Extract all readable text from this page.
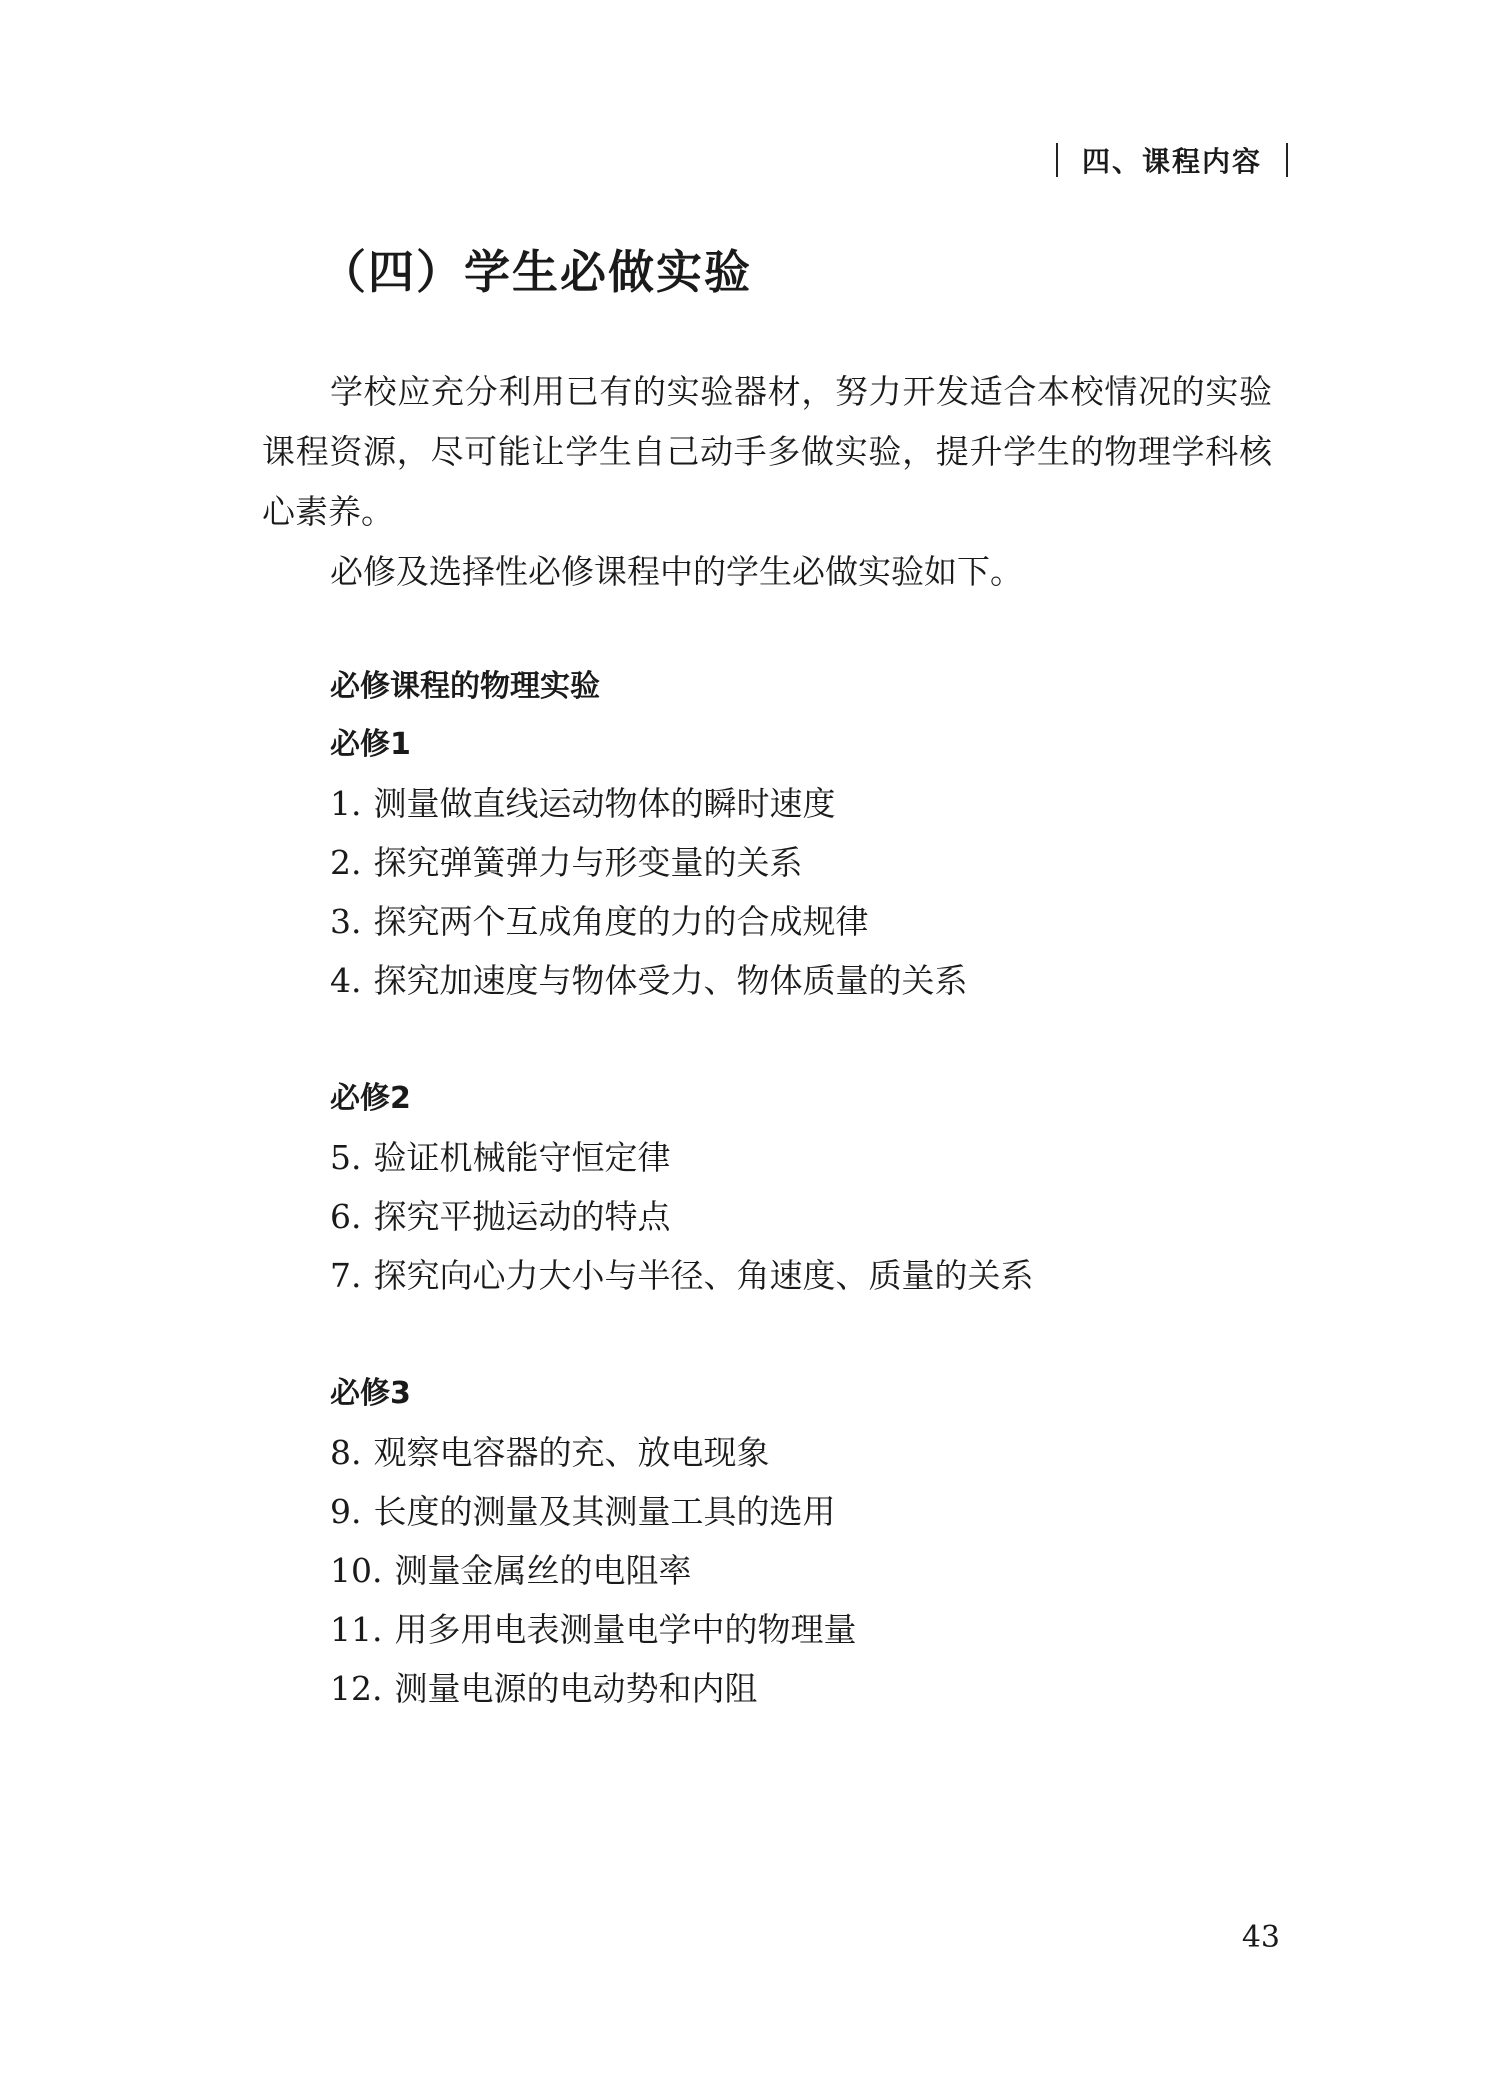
四、课程内容
（四）学生必做实验

学校应充分利用已有的实验器材，努力开发适合本校情况的实验课程资源，尽可能让学生自己动手多做实验，提升学生的物理学科核心素养。

必修及选择性必修课程中的学生必做实验如下。

必修课程的物理实验

必修1

1. 测量做直线运动物体的瞬时速度

2. 探究弹簧弹力与形变量的关系

3. 探究两个互成角度的力的合成规律

4. 探究加速度与物体受力、物体质量的关系

必修2

5. 验证机械能守恒定律

6. 探究平抛运动的特点

7. 探究向心力大小与半径、角速度、质量的关系

必修3

8. 观察电容器的充、放电现象

9. 长度的测量及其测量工具的选用

10. 测量金属丝的电阻率

11. 用多用电表测量电学中的物理量

12. 测量电源的电动势和内阻

43
